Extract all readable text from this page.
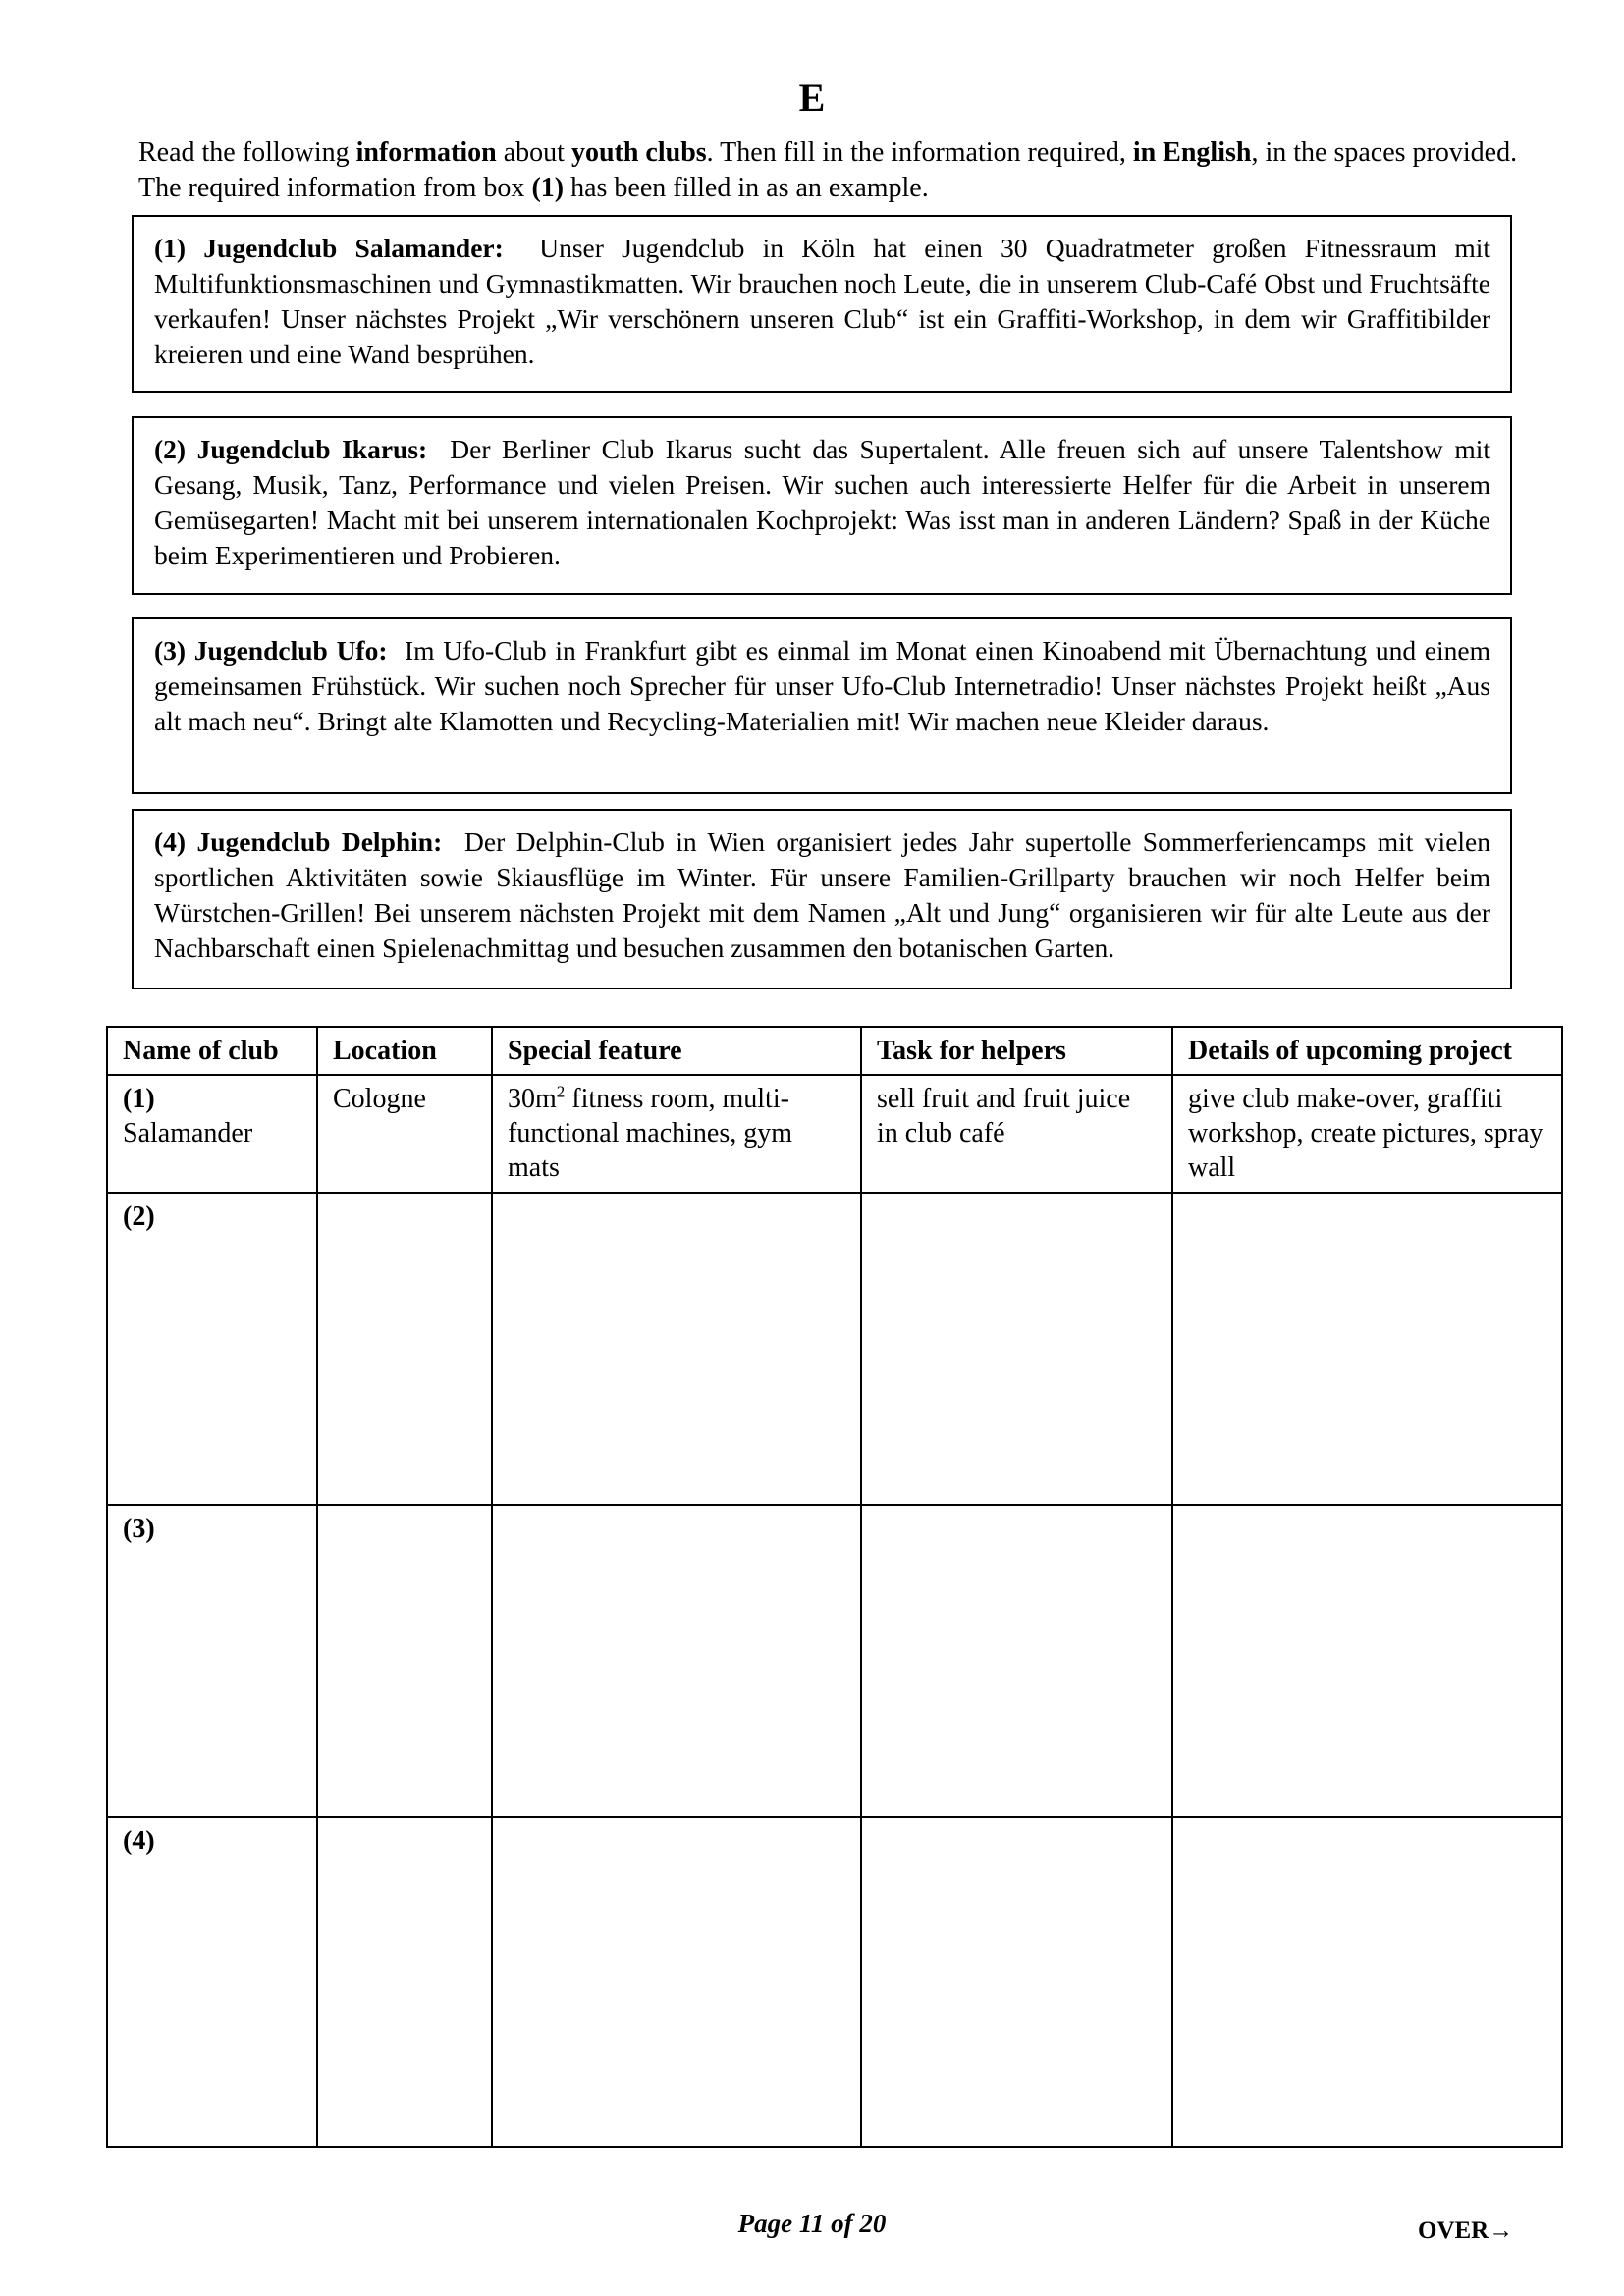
E
Read the following information about youth clubs. Then fill in the information required, in English, in the spaces provided. The required information from box (1) has been filled in as an example.
(1) Jugendclub Salamander: Unser Jugendclub in Köln hat einen 30 Quadratmeter großen Fitnessraum mit Multifunktionsmaschinen und Gymnastikmatten. Wir brauchen noch Leute, die in unserem Club-Café Obst und Fruchtsäfte verkaufen! Unser nächstes Projekt „Wir verschönern unseren Club“ ist ein Graffiti-Workshop, in dem wir Graffitibilder kreieren und eine Wand besprühen.
(2) Jugendclub Ikarus: Der Berliner Club Ikarus sucht das Supertalent. Alle freuen sich auf unsere Talentshow mit Gesang, Musik, Tanz, Performance und vielen Preisen. Wir suchen auch interessierte Helfer für die Arbeit in unserem Gemüsegarten! Macht mit bei unserem internationalen Kochprojekt: Was isst man in anderen Ländern? Spaß in der Küche beim Experimentieren und Probieren.
(3) Jugendclub Ufo: Im Ufo-Club in Frankfurt gibt es einmal im Monat einen Kinoabend mit Übernachtung und einem gemeinsamen Frühstück. Wir suchen noch Sprecher für unser Ufo-Club Internetradio! Unser nächstes Projekt heißt „Aus alt mach neu“. Bringt alte Klamotten und Recycling-Materialien mit! Wir machen neue Kleider daraus.
(4) Jugendclub Delphin: Der Delphin-Club in Wien organisiert jedes Jahr supertolle Sommerferiencamps mit vielen sportlichen Aktivitäten sowie Skiausflüge im Winter. Für unsere Familien-Grillparty brauchen wir noch Helfer beim Würstchen-Grillen! Bei unserem nächsten Projekt mit dem Namen „Alt und Jung“ organisieren wir für alte Leute aus der Nachbarschaft einen Spielenachmittag und besuchen zusammen den botanischen Garten.
Name of club	Location	Special feature	Task for helpers	Details of upcoming project
(1)
Salamander	Cologne	$30m^2$ fitness room, multi-functional machines, gym mats	sell fruit and fruit juice in club café	give club make-over, graffiti workshop, create pictures, spray wall
(2)				
(3)				
(4)				
Page 11 of 20	OVER→
